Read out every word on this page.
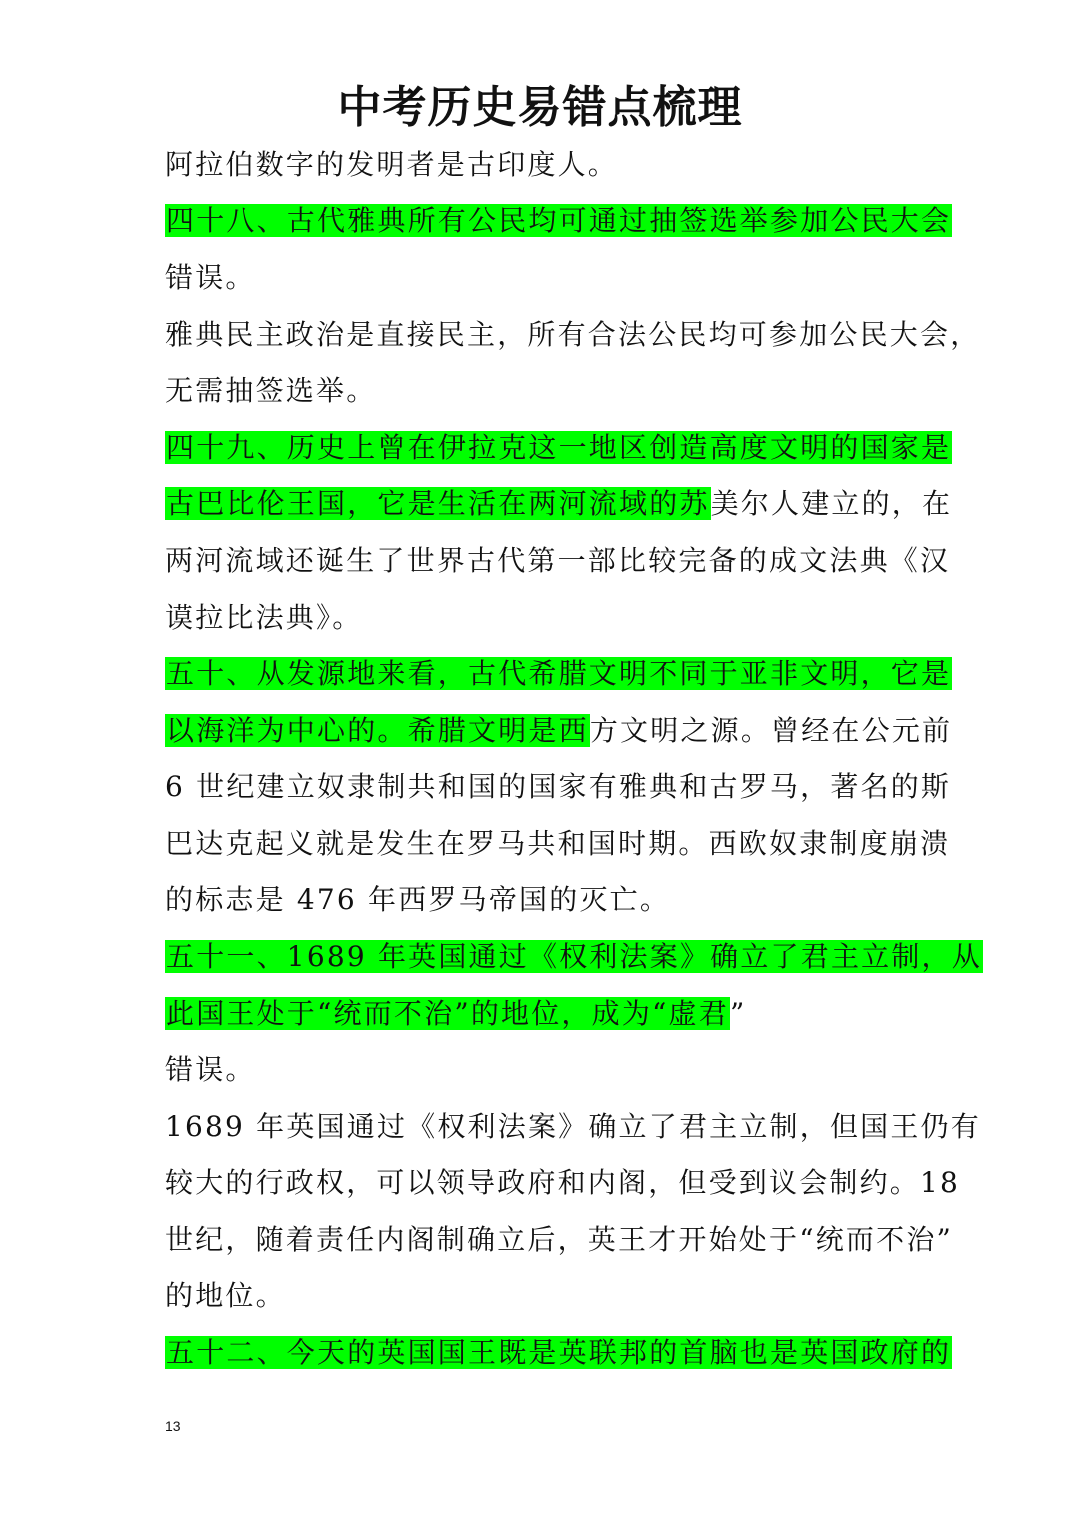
中考历史易错点梳理
阿拉伯数字的发明者是古印度人。
四十八、古代雅典所有公民均可通过抽签选举参加公民大会
错误。
雅典民主政治是直接民主，所有合法公民均可参加公民大会，
无需抽签选举。
四十九、历史上曾在伊拉克这一地区创造高度文明的国家是
古巴比伦王国，它是生活在两河流域的苏美尔人建立的，在
两河流域还诞生了世界古代第一部比较完备的成文法典《汉
谟拉比法典》。
五十、从发源地来看，古代希腊文明不同于亚非文明，它是
以海洋为中心的。希腊文明是西方文明之源。曾经在公元前
6 世纪建立奴隶制共和国的国家有雅典和古罗马，著名的斯
巴达克起义就是发生在罗马共和国时期。西欧奴隶制度崩溃
的标志是 476 年西罗马帝国的灭亡。
五十一、1689 年英国通过《权利法案》确立了君主立制，从
此国王处于“统而不治”的地位，成为“虚君”
错误。
1689 年英国通过《权利法案》确立了君主立制，但国王仍有
较大的行政权，可以领导政府和内阁，但受到议会制约。18
世纪，随着责任内阁制确立后，英王才开始处于“统而不治”
的地位。
五十二、今天的英国国王既是英联邦的首脑也是英国政府的
13
